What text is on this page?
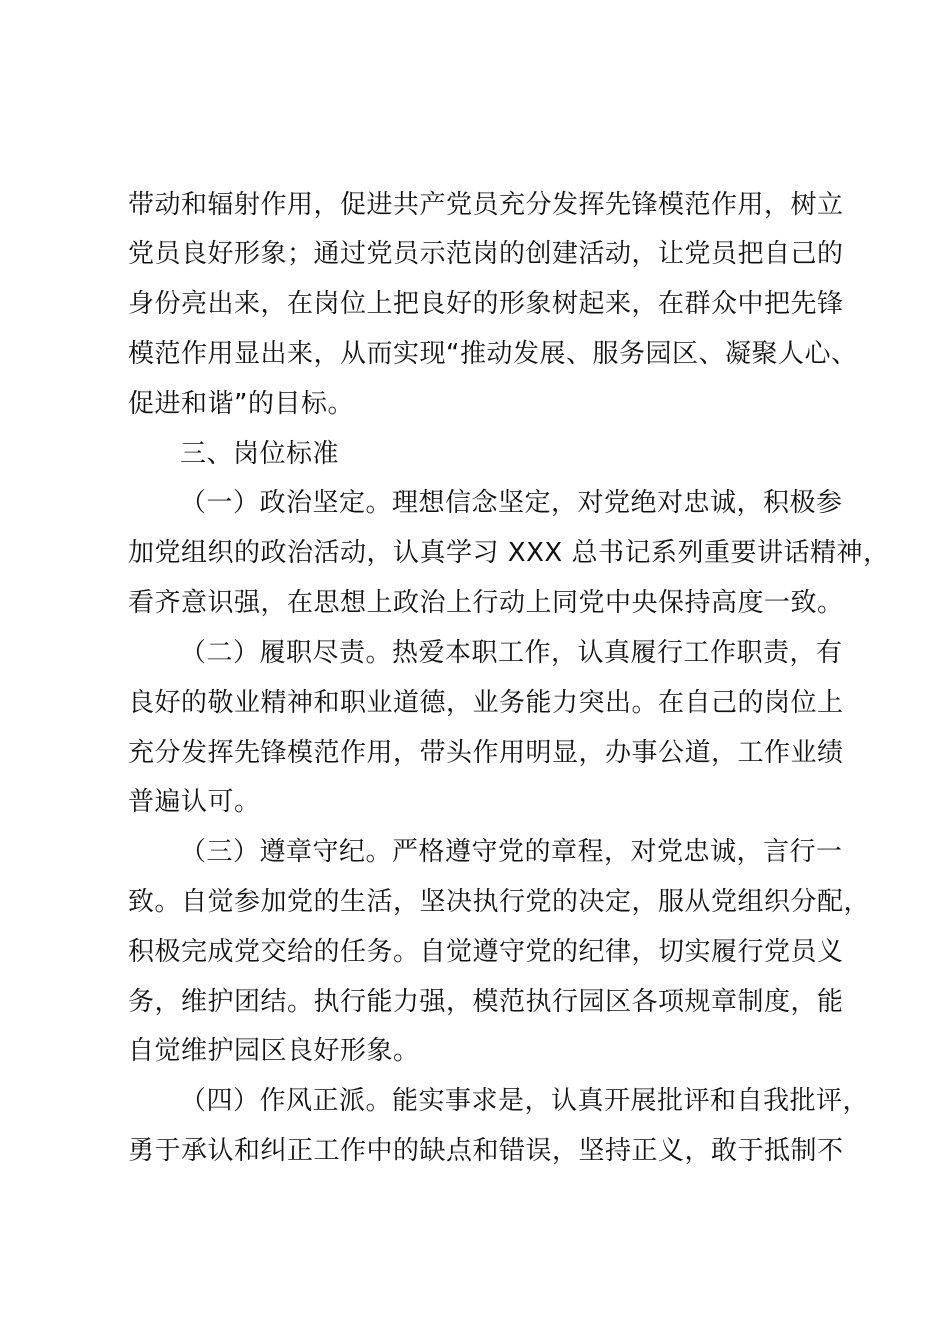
带动和辐射作用，促进共产党员充分发挥先锋模范作用，树立
党员良好形象；通过党员示范岗的创建活动，让党员把自己的
身份亮出来，在岗位上把良好的形象树起来，在群众中把先锋
模范作用显出来，从而实现“推动发展、服务园区、凝聚人心、
促进和谐”的目标。
三、岗位标准
（一）政治坚定。理想信念坚定，对党绝对忠诚，积极参
加党组织的政治活动，认真学习 XXX 总书记系列重要讲话精神，
看齐意识强，在思想上政治上行动上同党中央保持高度一致。
（二）履职尽责。热爱本职工作，认真履行工作职责，有
良好的敬业精神和职业道德，业务能力突出。在自己的岗位上
充分发挥先锋模范作用，带头作用明显，办事公道，工作业绩
普遍认可。
（三）遵章守纪。严格遵守党的章程，对党忠诚，言行一
致。自觉参加党的生活，坚决执行党的决定，服从党组织分配，
积极完成党交给的任务。自觉遵守党的纪律，切实履行党员义
务，维护团结。执行能力强，模范执行园区各项规章制度，能
自觉维护园区良好形象。
（四）作风正派。能实事求是，认真开展批评和自我批评，
勇于承认和纠正工作中的缺点和错误，坚持正义，敢于抵制不
